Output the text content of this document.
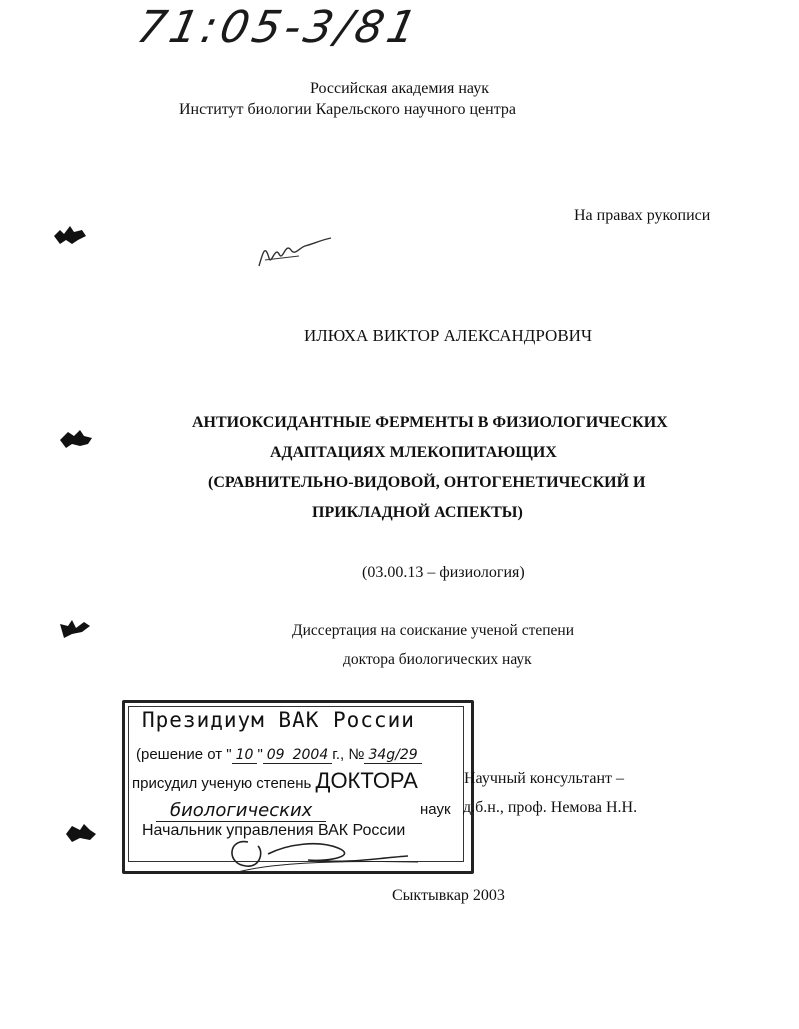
71:05-3/81
Российская академия наук
Институт биологии Карельского научного центра
На правах рукописи
ИЛЮХА ВИКТОР АЛЕКСАНДРОВИЧ
АНТИОКСИДАНТНЫЕ ФЕРМЕНТЫ В ФИЗИОЛОГИЧЕСКИХ
АДАПТАЦИЯХ МЛЕКОПИТАЮЩИХ
(СРАВНИТЕЛЬНО-ВИДОВОЙ, ОНТОГЕНЕТИЧЕСКИЙ И
ПРИКЛАДНОЙ АСПЕКТЫ)
(03.00.13 – физиология)
Диссертация на соискание ученой степени
доктора биологических наук
Президиум ВАК России
(решение от " 10 " 09 2004 г., № 34g/29
присудил ученую степень ДОКТОРА
биологических	наук
Начальник управления ВАК России
Научный консультант –
д.б.н., проф. Немова Н.Н.
Сыктывкар 2003
